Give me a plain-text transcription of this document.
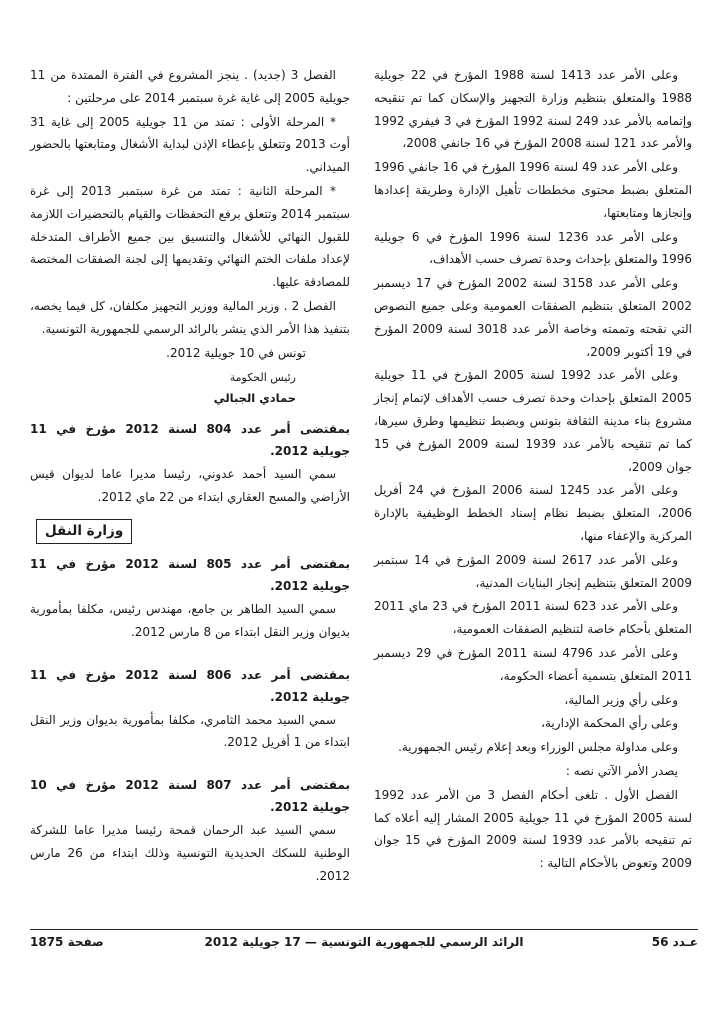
وعلى الأمر عدد 1413 لسنة 1988 المؤرخ في 22 جويلية 1988 والمتعلق بتنظيم وزارة التجهيز والإسكان كما تم تنقيحه وإتمامه بالأمر عدد 249 لسنة 1992 المؤرخ في 3 فيفري 1992 والأمر عدد 121 لسنة 2008 المؤرخ في 16 جانفي 2008،

وعلى الأمر عدد 49 لسنة 1996 المؤرخ في 16 جانفي 1996 المتعلق بضبط محتوى مخططات تأهيل الإدارة وطريقة إعدادها وإنجازها ومتابعتها،

وعلى الأمر عدد 1236 لسنة 1996 المؤرخ في 6 جويلية 1996 والمتعلق بإحداث وحدة تصرف حسب الأهداف،

وعلى الأمر عدد 3158 لسنة 2002 المؤرخ في 17 ديسمبر 2002 المتعلق بتنظيم الصفقات العمومية وعلى جميع النصوص التي نقحته وتممته وخاصة الأمر عدد 3018 لسنة 2009 المؤرخ في 19 أكتوبر 2009،

وعلى الأمر عدد 1992 لسنة 2005 المؤرخ في 11 جويلية 2005 المتعلق بإحداث وحدة تصرف حسب الأهداف لإتمام إنجاز مشروع بناء مدينة الثقافة بتونس وبضبط تنظيمها وطرق سيرها، كما تم تنقيحه بالأمر عدد 1939 لسنة 2009 المؤرخ في 15 جوان 2009،

وعلى الأمر عدد 1245 لسنة 2006 المؤرخ في 24 أفريل 2006، المتعلق بضبط نظام إسناد الخطط الوظيفية بالإدارة المركزية والإعفاء منها،

وعلى الأمر عدد 2617 لسنة 2009 المؤرخ في 14 سبتمبر 2009 المتعلق بتنظيم إنجاز البنايات المدنية،

وعلى الأمر عدد 623 لسنة 2011 المؤرخ في 23 ماي 2011 المتعلق بأحكام خاصة لتنظيم الصفقات العمومية،

وعلى الأمر عدد 4796 لسنة 2011 المؤرخ في 29 ديسمبر 2011 المتعلق بتسمية أعضاء الحكومة،

وعلى رأي وزير المالية،

وعلى رأي المحكمة الإدارية،

وعلى مداولة مجلس الوزراء وبعد إعلام رئيس الجمهورية.

يصدر الأمر الآتي نصه :

الفصل الأول . تلغى أحكام الفصل 3 من الأمر عدد 1992 لسنة 2005 المؤرخ في 11 جويلية 2005 المشار إليه أعلاه كما تم تنقيحه بالأمر عدد 1939 لسنة 2009 المؤرخ في 15 جوان 2009 وتعوض بالأحكام التالية :

الفصل 3 (جديد) . ينجز المشروع في الفترة الممتدة من 11 جويلية 2005 إلى غاية غرة سبتمبر 2014 على مرحلتين :

* المرحلة الأولى : تمتد من 11 جويلية 2005 إلى غاية 31 أوت 2013 وتتعلق بإعطاء الإذن لبداية الأشغال ومتابعتها بالحضور الميداني.

* المرحلة الثانية : تمتد من غرة سبتمبر 2013 إلى غرة سبتمبر 2014 وتتعلق برفع التحفظات والقيام بالتحضيرات اللازمة للقبول النهائي للأشغال والتنسيق بين جميع الأطراف المتدخلة لإعداد ملفات الختم النهائي وتقديمها إلى لجنة الصفقات المختصة للمصادقة عليها.

الفصل 2 . وزير المالية ووزير التجهيز مكلفان، كل فيما يخصه، بتنفيذ هذا الأمر الذي ينشر بالرائد الرسمي للجمهورية التونسية.

تونس في 10 جويلية 2012.

رئيس الحكومة
حمادي الجبالي

بمقتضى أمر عدد 804 لسنة 2012 مؤرخ في 11 جويلية 2012.

سمي السيد أحمد عدوني، رئيسا مديرا عاما لديوان قيس الأراضي والمسح العقاري ابتداء من 22 ماي 2012.

وزارة النقل

بمقتضى أمر عدد 805 لسنة 2012 مؤرخ في 11 جويلية 2012.

سمي السيد الطاهر بن جامع، مهندس رئيس، مكلفا بمأمورية بديوان وزير النقل ابتداء من 8 مارس 2012.

بمقتضى أمر عدد 806 لسنة 2012 مؤرخ في 11 جويلية 2012.

سمي السيد محمد الثامري، مكلفا بمأمورية بديوان وزير النقل ابتداء من 1 أفريل 2012.

بمقتضى أمر عدد 807 لسنة 2012 مؤرخ في 10 جويلية 2012.

سمي السيد عبد الرحمان قمحة رئيسا مديرا عاما للشركة الوطنية للسكك الحديدية التونسية وذلك ابتداء من 26 مارس 2012.

عـدد 56
الرائد الرسمي للجمهورية التونسية — 17 جويلية 2012
صفحة 1875
